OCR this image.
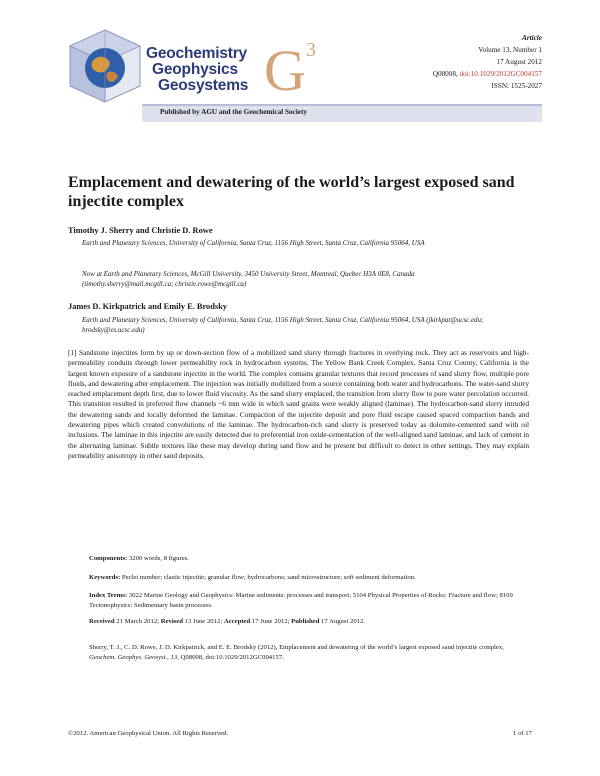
Geochemistry
Geophysics
Geosystems G 3
Published by AGU and the Geochemical Society
Article
Volume 13, Number 1
17 August 2012
Q08008, doi:10.1029/2012GC004157
ISSN: 1525-2027
Emplacement and dewatering of the world’s largest exposed sand injectite complex
Timothy J. Sherry and Christie D. Rowe
Earth and Planetary Sciences, University of California, Santa Cruz, 1156 High Street, Santa Cruz, California 95064, USA
Now at Earth and Planetary Sciences, McGill University, 3450 University Street, Montreal, Quebec H3A 0E8, Canada (timothy.sherry@mail.mcgill.ca; christie.rowe@mcgill.ca)
James D. Kirkpatrick and Emily E. Brodsky
Earth and Planetary Sciences, University of California, Santa Cruz, 1156 High Street, Santa Cruz, California 95064, USA (jkirkpat@ucsc.edu; brodsky@es.ucsc.edu)
[1] Sandstone injectites form by up or down-section flow of a mobilized sand slurry through fractures in overlying rock. They act as reservoirs and high-permeability conduits through lower permeability rock in hydrocarbon systems. The Yellow Bank Creek Complex, Santa Cruz County, California is the largest known exposure of a sandstone injectite in the world. The complex contains granular textures that record processes of sand slurry flow, multiple pore fluids, and dewatering after emplacement. The injection was initially mobilized from a source containing both water and hydrocarbons. The water-sand slurry reached emplacement depth first, due to lower fluid viscosity. As the sand slurry emplaced, the transition from slurry flow to pore water percolation occurred. This transition resulted in preferred flow channels ~6 mm wide in which sand grains were weakly aligned (laminae). The hydrocarbon-sand slurry intruded the dewatering sands and locally deformed the laminae. Compaction of the injectite deposit and pore fluid escape caused spaced compaction bands and dewatering pipes which created convolutions of the laminae. The hydrocarbon-rich sand slurry is preserved today as dolomite-cemented sand with oil inclusions. The laminae in this injectite are easily detected due to preferential iron oxide-cementation of the well-aligned sand laminae, and lack of cement in the alternating laminae. Subtle textures like these may develop during sand flow and be present but difficult to detect in other settings. They may explain permeability anisotropy in other sand deposits.
Components: 3200 words, 8 figures.
Keywords: Peclet number; clastic injectite; granular flow; hydrocarbons; sand microstructure; soft sediment deformation.
Index Terms: 3022 Marine Geology and Geophysics: Marine sediments: processes and transport; 5104 Physical Properties of Rocks: Fracture and flow; 8169 Tectonophysics: Sedimentary basin processes.
Received 21 March 2012; Revised 13 June 2012; Accepted 17 June 2012; Published 17 August 2012.
Sherry, T. J., C. D. Rowe, J. D. Kirkpatrick, and E. E. Brodsky (2012), Emplacement and dewatering of the world’s largest exposed sand injectite complex, Geochem. Geophys. Geosyst., 13, Q08008, doi:10.1029/2012GC004157.
©2012. American Geophysical Union. All Rights Reserved.	1 of 17
